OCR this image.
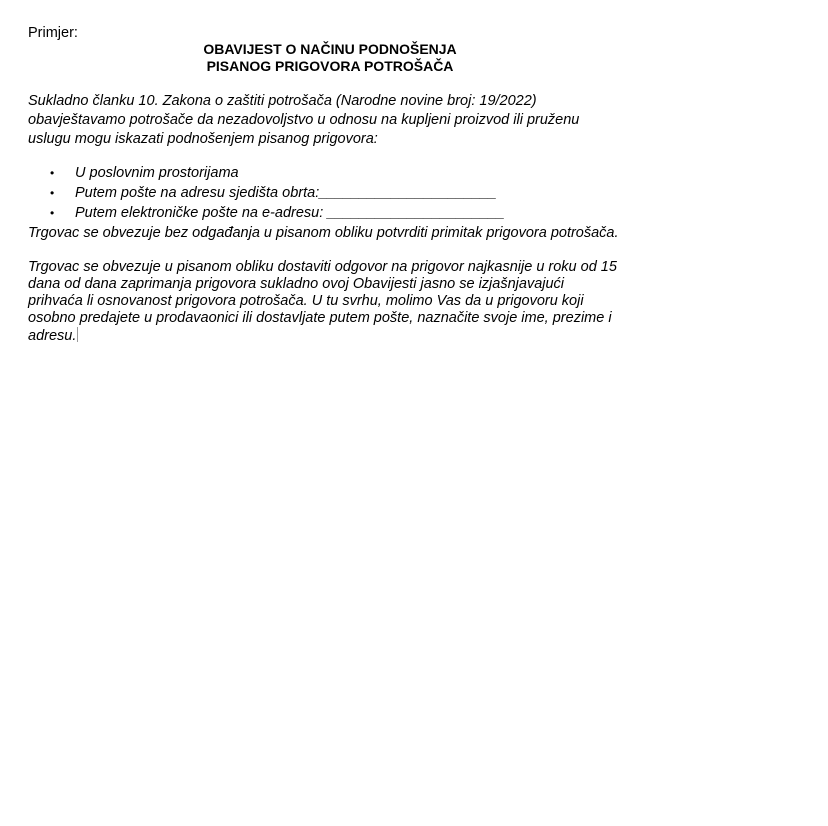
Primjer:
OBAVIJEST O NAČINU PODNOŠENJA
PISANOG PRIGOVORA POTROŠAČA
Sukladno članku 10. Zakona o zaštiti potrošača (Narodne novine broj: 19/2022)
obavještavamo potrošače da nezadovoljstvo u odnosu na kupljeni proizvod ili pruženu
uslugu mogu iskazati podnošenjem pisanog prigovora:
• U poslovnim prostorijama
• Putem pošte na adresu sjedišta obrta:______________________
• Putem elektroničke pošte na e-adresu: ______________________
Trgovac se obvezuje bez odgađanja u pisanom obliku potvrditi primitak prigovora potrošača.
Trgovac se obvezuje u pisanom obliku dostaviti odgovor na prigovor najkasnije u roku od 15
dana od dana zaprimanja prigovora sukladno ovoj Obavijesti jasno se izjašnjavajući
prihvaća li osnovanost prigovora potrošača. U tu svrhu, molimo Vas da u prigovoru koji
osobno predajete u prodavaonici ili dostavljate putem pošte, naznačite svoje ime, prezime i
adresu.
